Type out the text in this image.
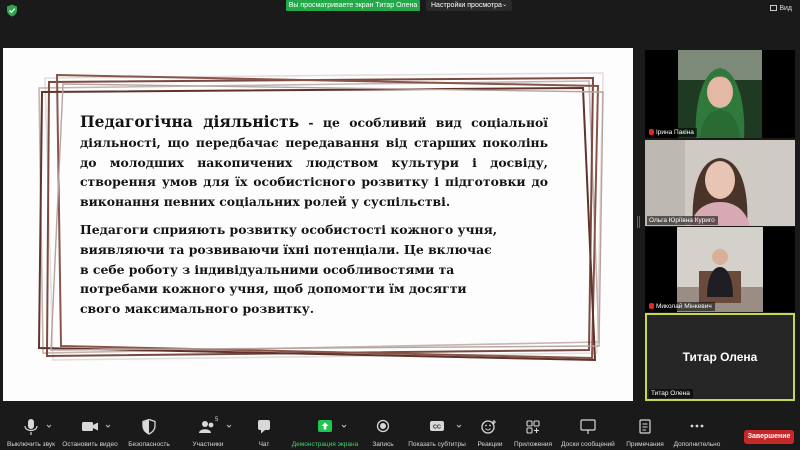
Вы просматриваете экран Титар Олена	Настройки просмотра ⌄	Вид

Педагогічна діяльність - це особливий вид соціальної діяльності, що передбачає передавання від старших поколінь до молодших накопичених людством культури і досвіду, створення умов для їх особистісного розвитку і підготовки до виконання певних соціальних ролей у суспільстві.

Педагоги сприяють розвитку особистості кожного учня,
виявляючи та розвиваючи їхні потенціали. Це включає
в себе роботу з індивідуальними особливостями та
потребами кожного учня, щоб допомогти їм досягти
свого максимального розвитку.

Ірина Пакіна
Ольга Юріївна Куриго
Миколай Мінкевич
Титар Олена
Титар Олена
Выключить звук	Остановить видео	Безопасность
5
Участники	Чат	Демонстрация экрана	Запись
CC
Показать субтитры	Реакции	Приложения	Доски сообщений	Примечания	Дополнительно
Завершение
